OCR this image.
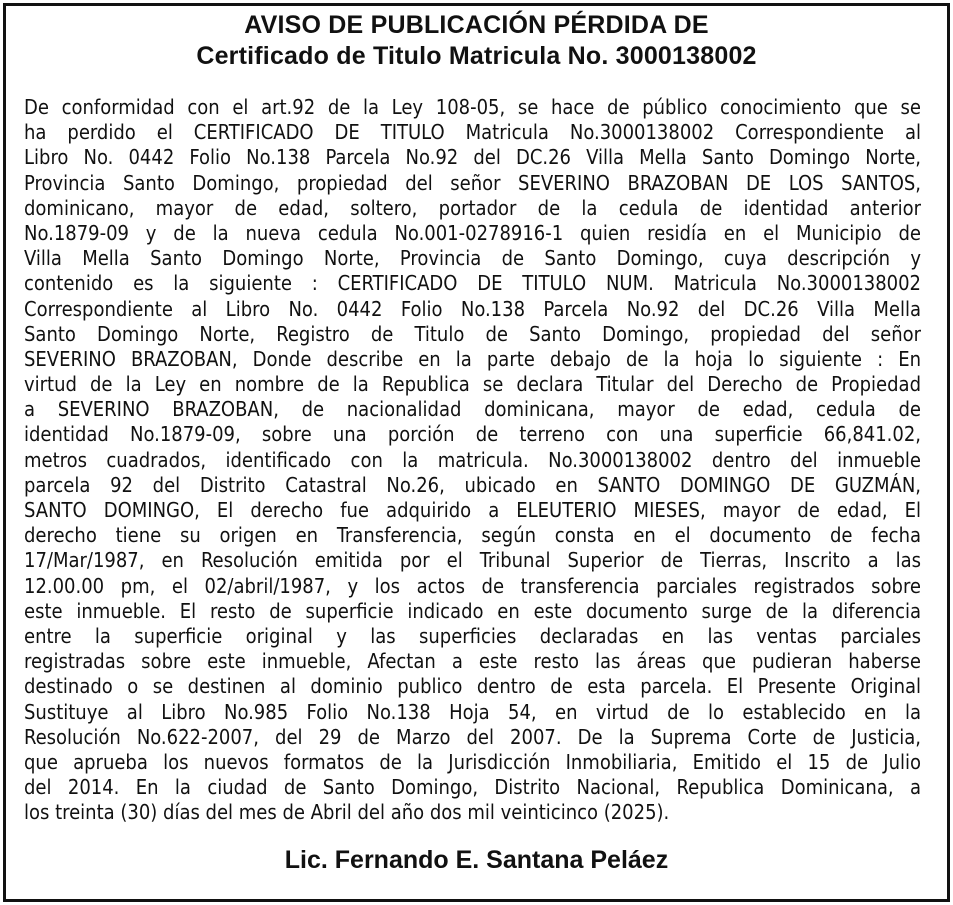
AVISO DE PUBLICACIÓN PÉRDIDA DE
Certificado de Titulo Matricula No. 3000138002
De conformidad con el art.92 de la Ley 108-05, se hace de público conocimiento que se
ha perdido el CERTIFICADO DE TITULO Matricula No.3000138002 Correspondiente al
Libro No. 0442 Folio No.138 Parcela No.92 del DC.26 Villa Mella Santo Domingo Norte,
Provincia Santo Domingo, propiedad del señor SEVERINO BRAZOBAN DE LOS SANTOS,
dominicano, mayor de edad, soltero, portador de la cedula de identidad anterior
No.1879-09 y de la nueva cedula No.001-0278916-1 quien residía en el Municipio de
Villa Mella Santo Domingo Norte, Provincia de Santo Domingo, cuya descripción y
contenido es la siguiente : CERTIFICADO DE TITULO NUM. Matricula No.3000138002
Correspondiente al Libro No. 0442 Folio No.138 Parcela No.92 del DC.26 Villa Mella
Santo Domingo Norte, Registro de Titulo de Santo Domingo, propiedad del señor
SEVERINO BRAZOBAN, Donde describe en la parte debajo de la hoja lo siguiente : En
virtud de la Ley en nombre de la Republica se declara Titular del Derecho de Propiedad
a SEVERINO BRAZOBAN, de nacionalidad dominicana, mayor de edad, cedula de
identidad No.1879-09, sobre una porción de terreno con una superficie 66,841.02,
metros cuadrados, identificado con la matricula. No.3000138002 dentro del inmueble
parcela 92 del Distrito Catastral No.26, ubicado en SANTO DOMINGO DE GUZMÁN,
SANTO DOMINGO, El derecho fue adquirido a ELEUTERIO MIESES, mayor de edad, El
derecho tiene su origen en Transferencia, según consta en el documento de fecha
17/Mar/1987, en Resolución emitida por el Tribunal Superior de Tierras, Inscrito a las
12.00.00 pm, el 02/abril/1987, y los actos de transferencia parciales registrados sobre
este inmueble. El resto de superficie indicado en este documento surge de la diferencia
entre la superficie original y las superficies declaradas en las ventas parciales
registradas sobre este inmueble, Afectan a este resto las áreas que pudieran haberse
destinado o se destinen al dominio publico dentro de esta parcela. El Presente Original
Sustituye al Libro No.985 Folio No.138 Hoja 54, en virtud de lo establecido en la
Resolución No.622-2007, del 29 de Marzo del 2007. De la Suprema Corte de Justicia,
que aprueba los nuevos formatos de la Jurisdicción Inmobiliaria, Emitido el 15 de Julio
del 2014. En la ciudad de Santo Domingo, Distrito Nacional, Republica Dominicana, a
los treinta (30) días del mes de Abril del año dos mil veinticinco (2025).
Lic. Fernando E. Santana Peláez
